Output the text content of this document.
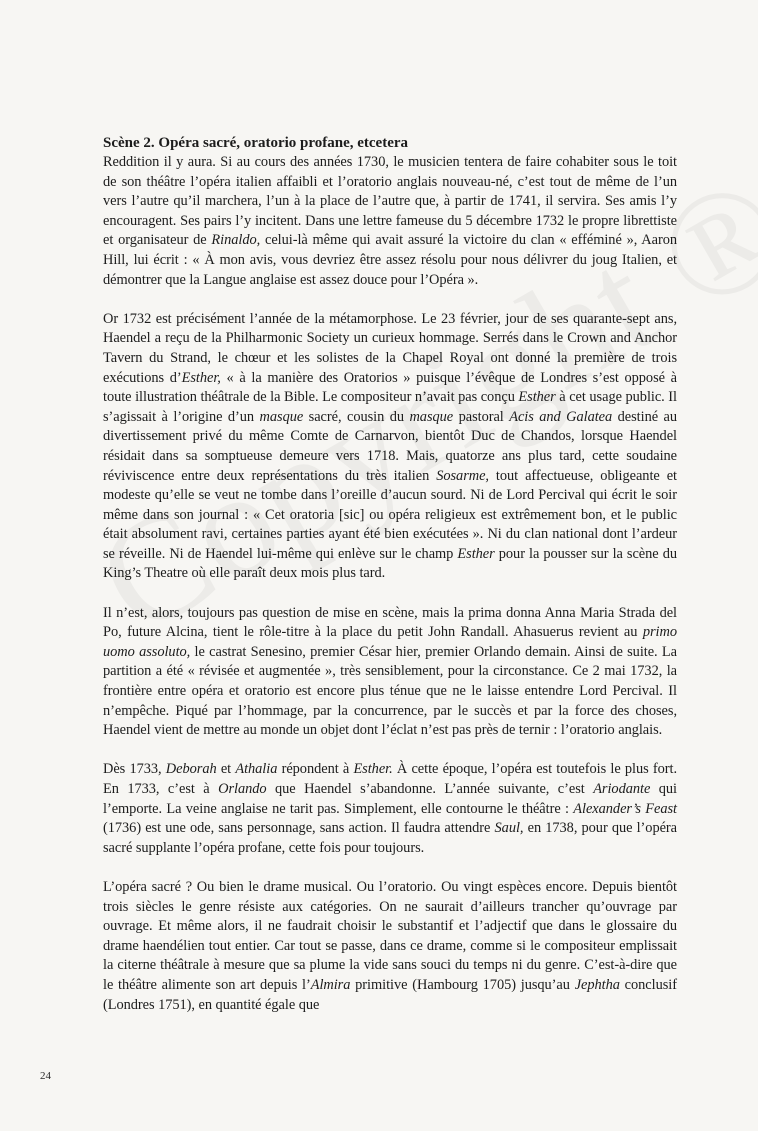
Scène 2. Opéra sacré, oratorio profane, etcetera

Reddition il y aura. Si au cours des années 1730, le musicien tentera de faire cohabiter sous le toit de son théâtre l’opéra italien affaibli et l’oratorio anglais nouveau-né, c’est tout de même de l’un vers l’autre qu’il marchera, l’un à la place de l’autre que, à partir de 1741, il servira. Ses amis l’y encouragent. Ses pairs l’y incitent. Dans une lettre fameuse du 5 décembre 1732 le propre librettiste et organisateur de Rinaldo, celui-là même qui avait assuré la victoire du clan « efféminé », Aaron Hill, lui écrit : « À mon avis, vous devriez être assez résolu pour nous délivrer du joug Italien, et démontrer que la Langue anglaise est assez douce pour l’Opéra ».

Or 1732 est précisément l’année de la métamorphose. Le 23 février, jour de ses quarante-sept ans, Haendel a reçu de la Philharmonic Society un curieux hommage. Serrés dans le Crown and Anchor Tavern du Strand, le chœur et les solistes de la Chapel Royal ont donné la première de trois exécutions d’Esther, « à la manière des Oratorios » puisque l’évêque de Londres s’est opposé à toute illustration théâtrale de la Bible. Le compositeur n’avait pas conçu Esther à cet usage public. Il s’agissait à l’origine d’un masque sacré, cousin du masque pastoral Acis and Galatea destiné au divertissement privé du même Comte de Carnarvon, bientôt Duc de Chandos, lorsque Haendel résidait dans sa somptueuse demeure vers 1718. Mais, quatorze ans plus tard, cette soudaine réviviscence entre deux représentations du très italien Sosarme, tout affectueuse, obligeante et modeste qu’elle se veut ne tombe dans l’oreille d’aucun sourd. Ni de Lord Percival qui écrit le soir même dans son journal : « Cet oratoria [sic] ou opéra religieux est extrêmement bon, et le public était absolument ravi, certaines parties ayant été bien exécutées ». Ni du clan national dont l’ardeur se réveille. Ni de Haendel lui-même qui enlève sur le champ Esther pour la pousser sur la scène du King’s Theatre où elle paraît deux mois plus tard.

Il n’est, alors, toujours pas question de mise en scène, mais la prima donna Anna Maria Strada del Po, future Alcina, tient le rôle-titre à la place du petit John Randall. Ahasuerus revient au primo uomo assoluto, le castrat Senesino, premier César hier, premier Orlando demain. Ainsi de suite. La partition a été « révisée et augmentée », très sensiblement, pour la circonstance. Ce 2 mai 1732, la frontière entre opéra et oratorio est encore plus ténue que ne le laisse entendre Lord Percival. Il n’empêche. Piqué par l’hommage, par la concurrence, par le succès et par la force des choses, Haendel vient de mettre au monde un objet dont l’éclat n’est pas près de ternir : l’oratorio anglais.

Dès 1733, Deborah et Athalia répondent à Esther. À cette époque, l’opéra est toutefois le plus fort. En 1733, c’est à Orlando que Haendel s’abandonne. L’année suivante, c’est Ariodante qui l’emporte. La veine anglaise ne tarit pas. Simplement, elle contourne le théâtre : Alexander’s Feast (1736) est une ode, sans personnage, sans action. Il faudra attendre Saul, en 1738, pour que l’opéra sacré supplante l’opéra profane, cette fois pour toujours.

L’opéra sacré ? Ou bien le drame musical. Ou l’oratorio. Ou vingt espèces encore. Depuis bientôt trois siècles le genre résiste aux catégories. On ne saurait d’ailleurs trancher qu’ouvrage par ouvrage. Et même alors, il ne faudrait choisir le substantif et l’adjectif que dans le glossaire du drame haendélien tout entier. Car tout se passe, dans ce drame, comme si le compositeur emplissait la citerne théâtrale à mesure que sa plume la vide sans souci du temps ni du genre. C’est-à-dire que le théâtre alimente son art depuis l’Almira primitive (Hambourg 1705) jusqu’au Jephtha conclusif (Londres 1751), en quantité égale que

24
